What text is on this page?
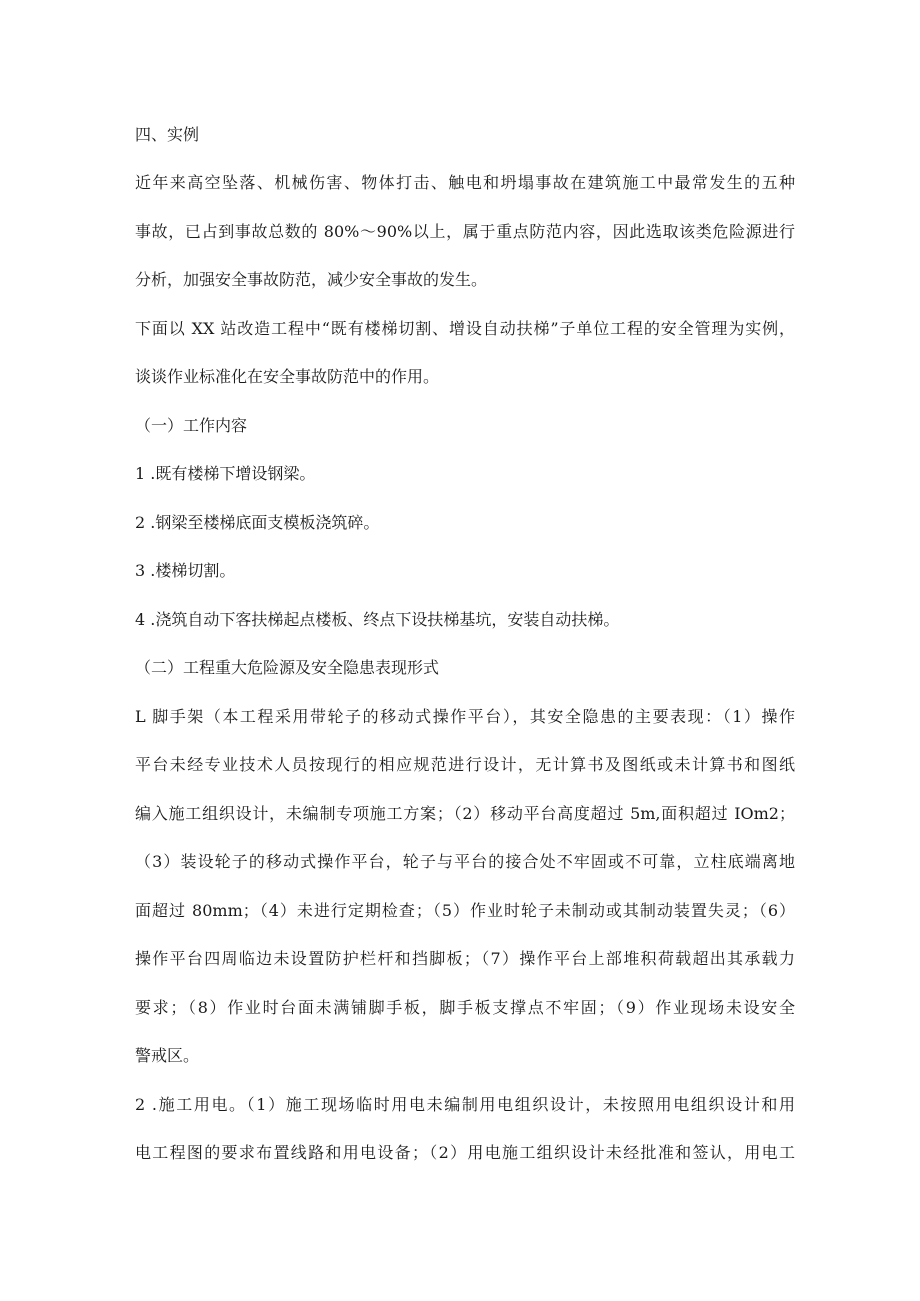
四、实例
近年来高空坠落、机械伤害、物体打击、触电和坍塌事故在建筑施工中最常发生的五种
事故，已占到事故总数的 80%～90%以上，属于重点防范内容，因此选取该类危险源进行
分析，加强安全事故防范，减少安全事故的发生。
下面以 XX 站改造工程中“既有楼梯切割、增设自动扶梯”子单位工程的安全管理为实例，
谈谈作业标准化在安全事故防范中的作用。
（一）工作内容
1 .既有楼梯下增设钢梁。
2 .钢梁至楼梯底面支模板浇筑碎。
3 .楼梯切割。
4 .浇筑自动下客扶梯起点楼板、终点下设扶梯基坑，安装自动扶梯。
（二）工程重大危险源及安全隐患表现形式
L 脚手架（本工程采用带轮子的移动式操作平台），其安全隐患的主要表现：（1）操作
平台未经专业技术人员按现行的相应规范进行设计，无计算书及图纸或未计算书和图纸
编入施工组织设计，未编制专项施工方案；（2）移动平台高度超过 5m,面积超过 IOm2；
（3）装设轮子的移动式操作平台，轮子与平台的接合处不牢固或不可靠，立柱底端离地
面超过 80mm；（4）未进行定期检查；（5）作业时轮子未制动或其制动装置失灵；（6）
操作平台四周临边未设置防护栏杆和挡脚板；（7）操作平台上部堆积荷载超出其承载力
要求；（8）作业时台面未满铺脚手板，脚手板支撑点不牢固；（9）作业现场未设安全
警戒区。
2 .施工用电。（1）施工现场临时用电未编制用电组织设计，未按照用电组织设计和用
电工程图的要求布置线路和用电设备；（2）用电施工组织设计未经批准和签认，用电工
